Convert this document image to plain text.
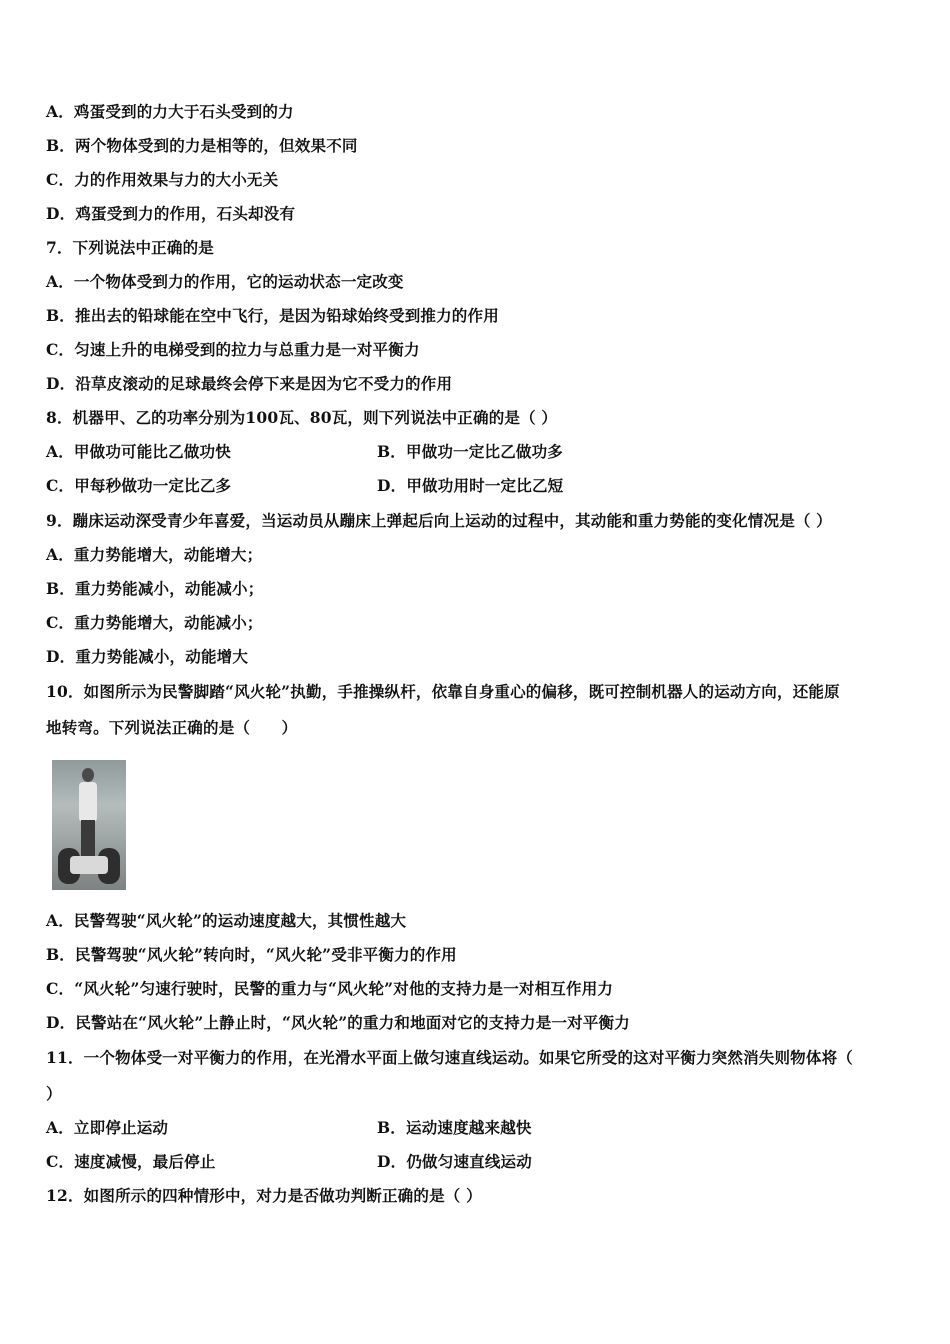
A．鸡蛋受到的力大于石头受到的力
B．两个物体受到的力是相等的，但效果不同
C．力的作用效果与力的大小无关
D．鸡蛋受到力的作用，石头却没有
7．下列说法中正确的是
A．一个物体受到力的作用，它的运动状态一定改变
B．推出去的铅球能在空中飞行，是因为铅球始终受到推力的作用
C．匀速上升的电梯受到的拉力与总重力是一对平衡力
D．沿草皮滚动的足球最终会停下来是因为它不受力的作用
8．机器甲、乙的功率分别为100瓦、80瓦，则下列说法中正确的是（ ）
A．甲做功可能比乙做功快	B．甲做功一定比乙做功多
C．甲每秒做功一定比乙多	D．甲做功用时一定比乙短
9．蹦床运动深受青少年喜爱，当运动员从蹦床上弹起后向上运动的过程中，其动能和重力势能的变化情况是（ ）
A．重力势能增大，动能增大；
B．重力势能减小，动能减小；
C．重力势能增大，动能减小；
D．重力势能减小，动能增大
10．如图所示为民警脚踏“风火轮”执勤，手推操纵杆，依靠自身重心的偏移，既可控制机器人的运动方向，还能原
地转弯。下列说法正确的是（　　）
A．民警驾驶“风火轮”的运动速度越大，其惯性越大
B．民警驾驶“风火轮”转向时，“风火轮”受非平衡力的作用
C．“风火轮”匀速行驶时，民警的重力与“风火轮”对他的支持力是一对相互作用力
D．民警站在“风火轮”上静止时，“风火轮”的重力和地面对它的支持力是一对平衡力
11．一个物体受一对平衡力的作用，在光滑水平面上做匀速直线运动。如果它所受的这对平衡力突然消失则物体将（
）
A．立即停止运动	B．运动速度越来越快
C．速度减慢，最后停止	D．仍做匀速直线运动
12．如图所示的四种情形中，对力是否做功判断正确的是（ ）
